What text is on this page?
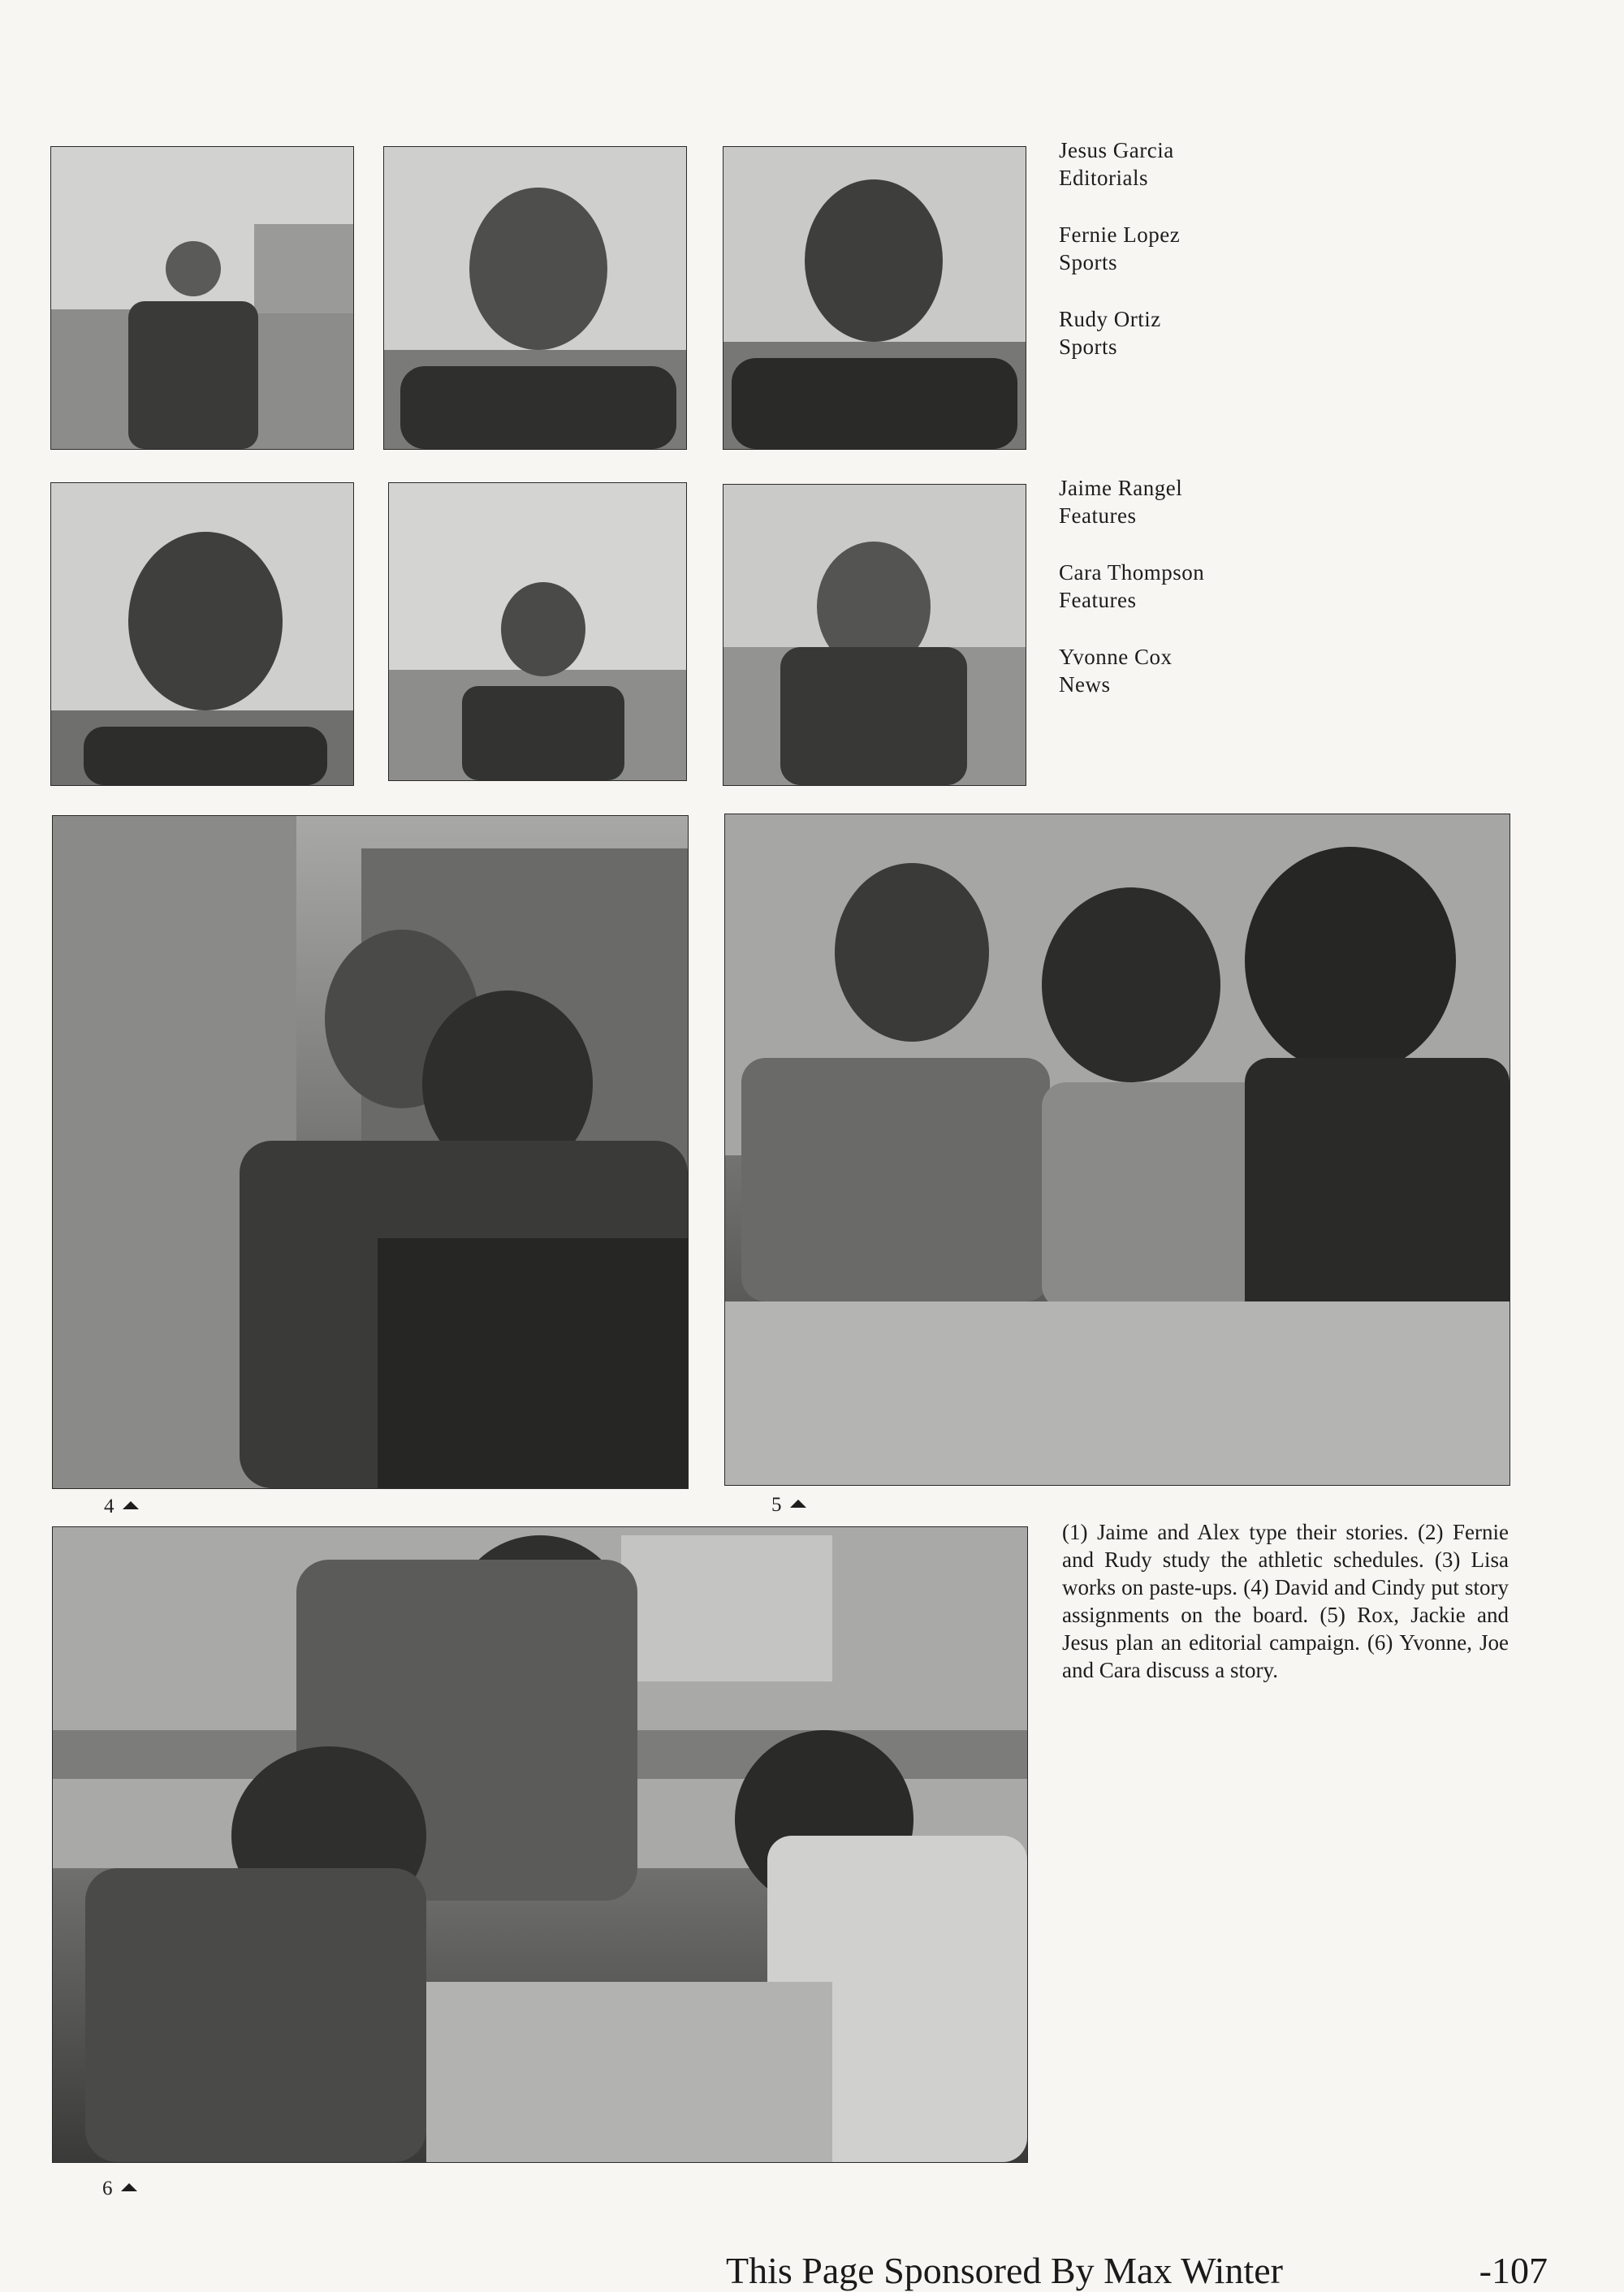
Jesus Garcia
Editorials
Fernie Lopez
Sports
Rudy Ortiz
Sports
Jaime Rangel
Features
Cara Thompson
Features
Yvonne Cox
News
4	5
6

(1) Jaime and Alex type their stories. (2) Fernie and Rudy study the athletic schedules. (3) Lisa works on paste-ups. (4) David and Cindy put story assignments on the board. (5) Rox, Jackie and Jesus plan an editorial campaign. (6) Yvonne, Joe and Cara discuss a story.

This Page Sponsored By Max Winter	-107
